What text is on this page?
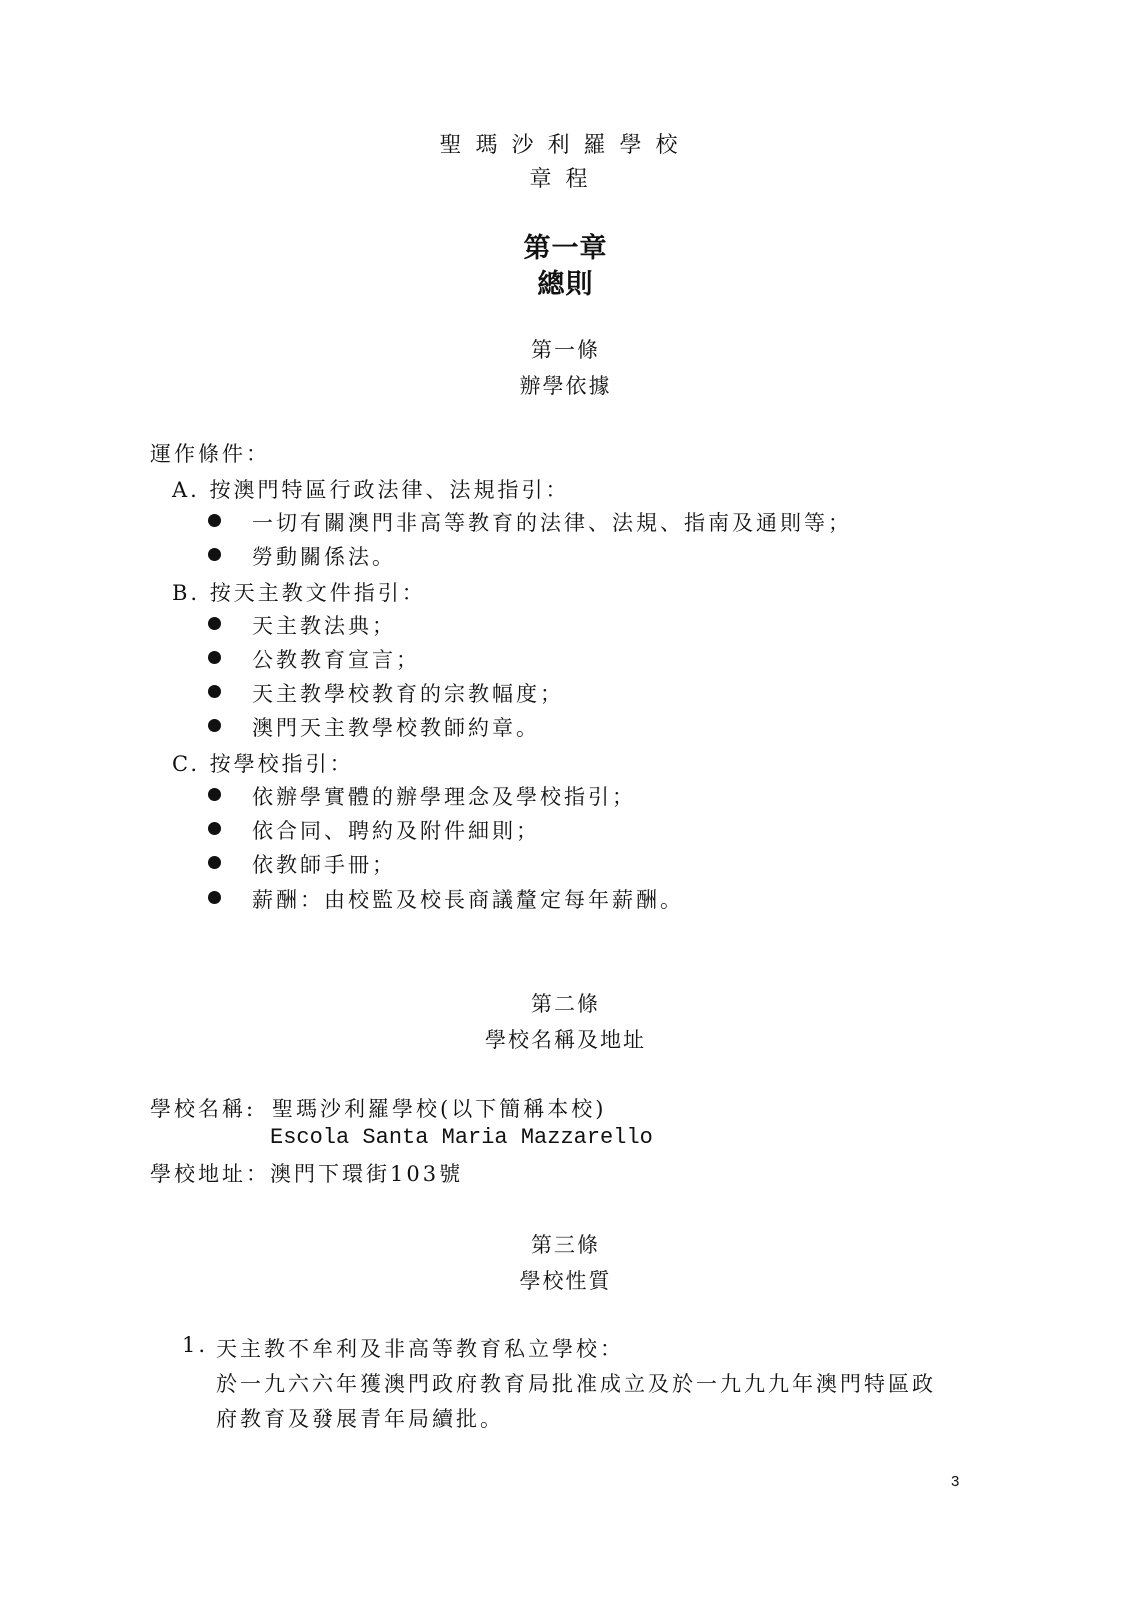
聖瑪沙利羅學校
章程
第一章
總則
第一條
辦學依據
運作條件：
A. 按澳門特區行政法律、法規指引：
一切有關澳門非高等教育的法律、法規、指南及通則等；
勞動關係法。
B. 按天主教文件指引：
天主教法典；
公教教育宣言；
天主教學校教育的宗教幅度；
澳門天主教學校教師約章。
C. 按學校指引：
依辦學實體的辦學理念及學校指引；
依合同、聘約及附件細則；
依教師手冊；
薪酬：由校監及校長商議釐定每年薪酬。
第二條
學校名稱及地址
學校名稱: 聖瑪沙利羅學校(以下簡稱本校)
Escola Santa Maria Mazzarello
學校地址： 澳門下環街103號
第三條
學校性質
1. 天主教不牟利及非高等教育私立學校：
於一九六六年獲澳門政府教育局批准成立及於一九九九年澳門特區政
府教育及發展青年局續批。
3
